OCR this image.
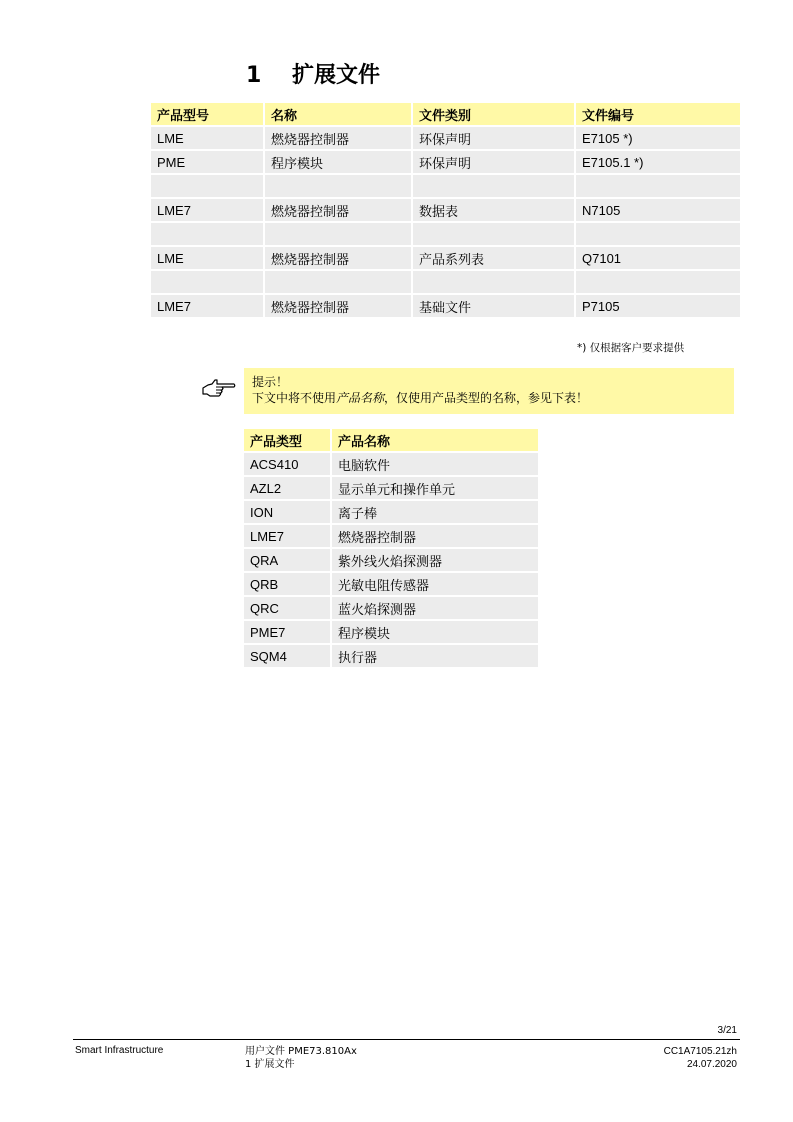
1 扩展文件
产品型号	名称	文件类别	文件编号
LME	燃烧器控制器	环保声明	E7105 *)
PME	程序模块	环保声明	E7105.1 *)

LME7	燃烧器控制器	数据表	N7105

LME	燃烧器控制器	产品系列表	Q7101

LME7	燃烧器控制器	基础文件	P7105
*) 仅根据客户要求提供
提示！
下文中将不使用产品名称，仅使用产品类型的名称，参见下表！
产品类型	产品名称
ACS410	电脑软件
AZL2	显示单元和操作单元
ION	离子棒
LME7	燃烧器控制器
QRA	紫外线火焰探测器
QRB	光敏电阻传感器
QRC	蓝火焰探测器
PME7	程序模块
SQM4	执行器
3/21
Smart Infrastructure	用户文件 PME73.810Ax
1 扩展文件
CC1A7105.21zh
24.07.2020
